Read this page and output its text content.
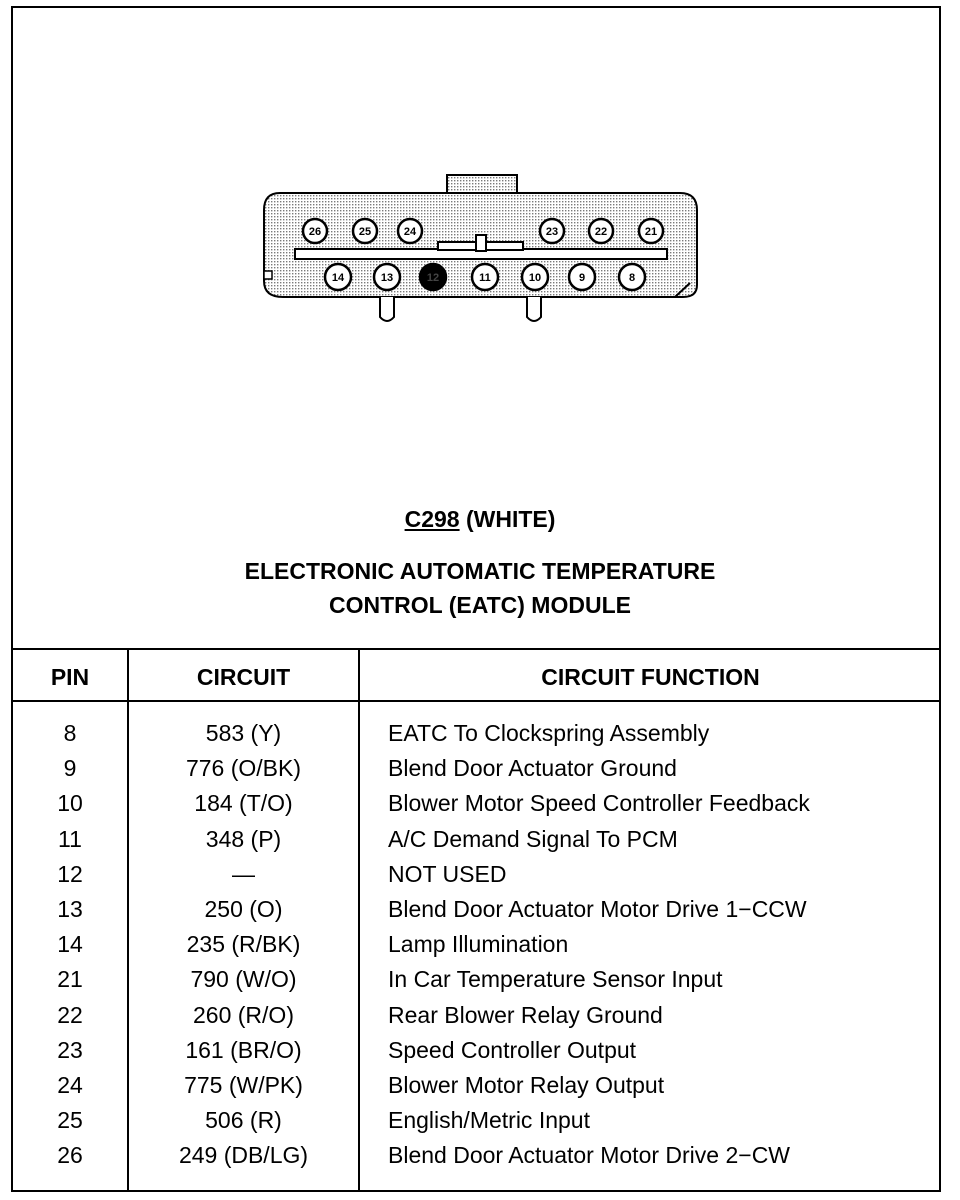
26	25	24	23	22	21
14	13	12	11	10	9	8
C298 (WHITE)
ELECTRONIC AUTOMATIC TEMPERATURE
CONTROL (EATC) MODULE
PIN	CIRCUIT	CIRCUIT FUNCTION
8	583 (Y)	EATC To Clockspring Assembly
9	776 (O/BK)	Blend Door Actuator Ground
10	184 (T/O)	Blower Motor Speed Controller Feedback
11	348 (P)	A/C Demand Signal To PCM
12	—	NOT USED
13	250 (O)	Blend Door Actuator Motor Drive 1−CCW
14	235 (R/BK)	Lamp Illumination
21	790 (W/O)	In Car Temperature Sensor Input
22	260 (R/O)	Rear Blower Relay Ground
23	161 (BR/O)	Speed Controller Output
24	775 (W/PK)	Blower Motor Relay Output
25	506 (R)	English/Metric Input
26	249 (DB/LG)	Blend Door Actuator Motor Drive 2−CW
